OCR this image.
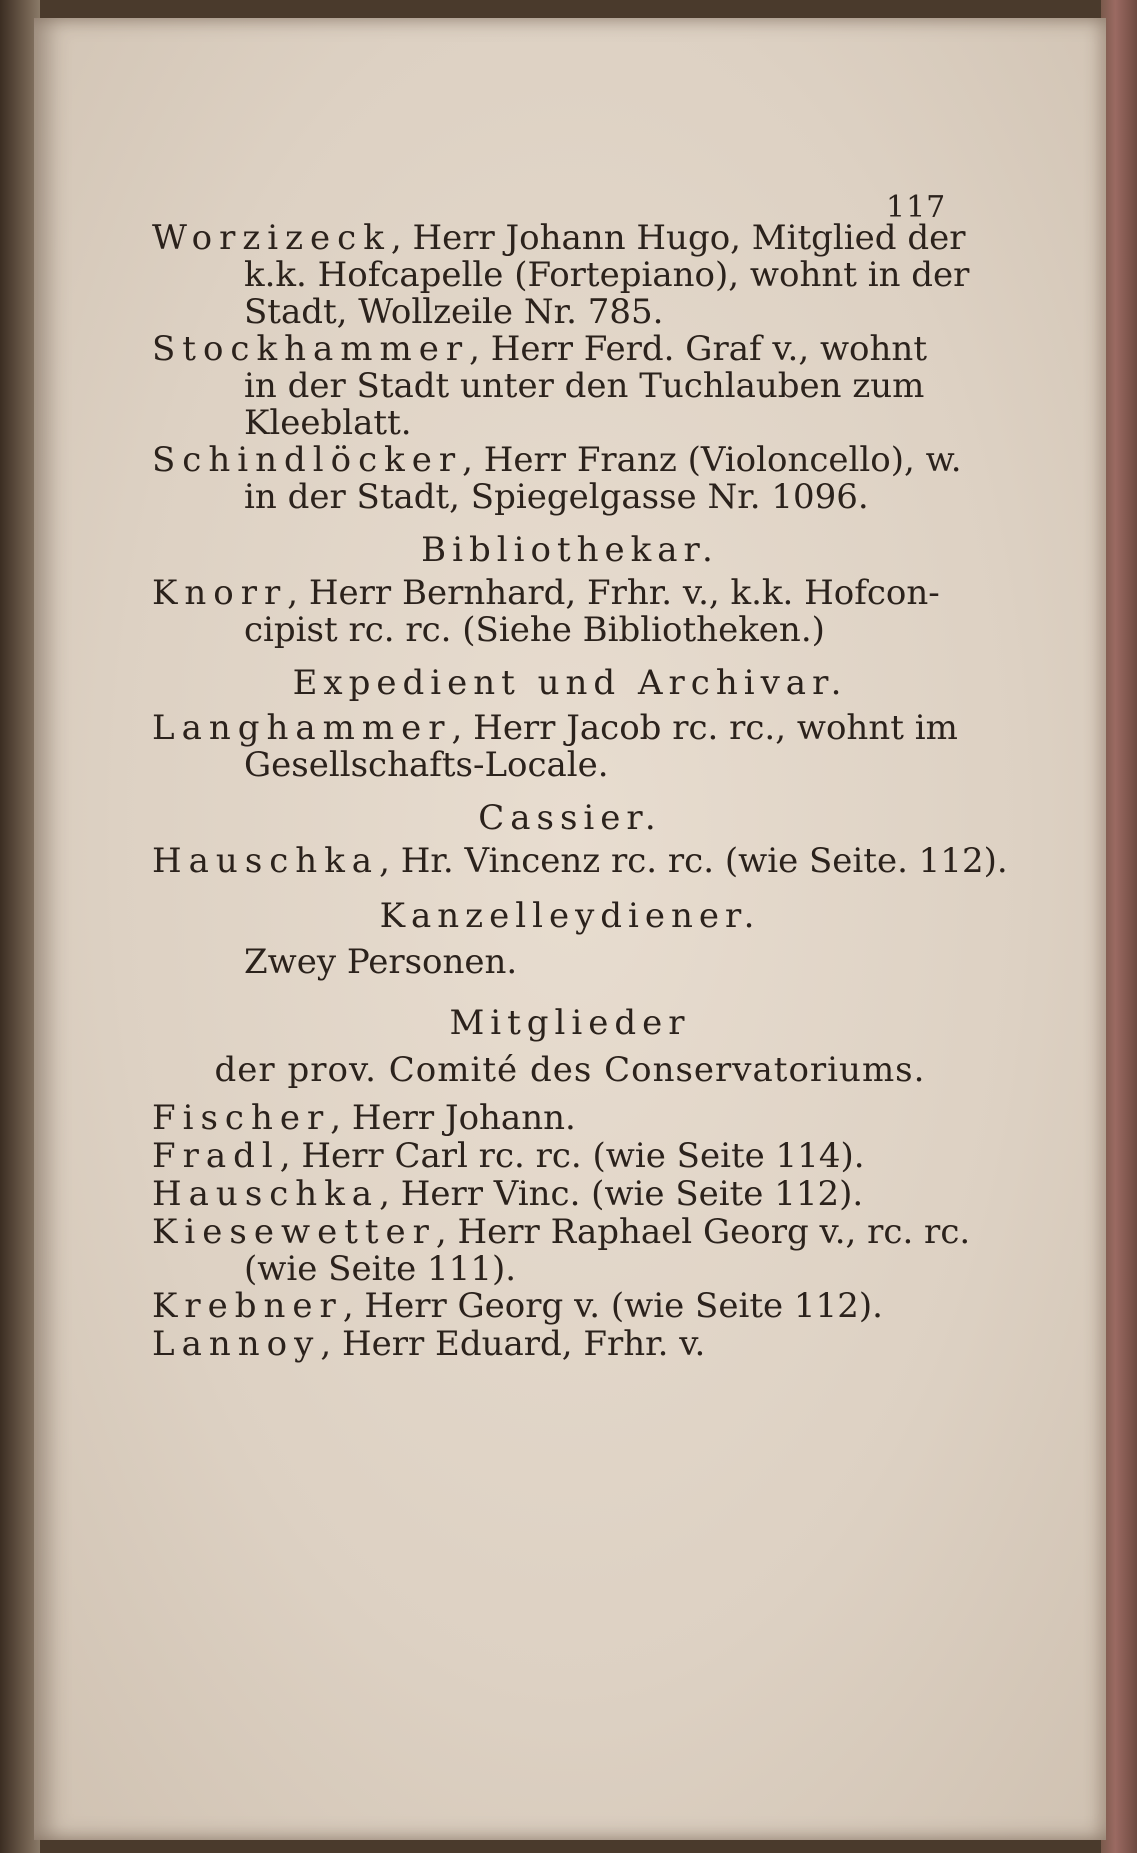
117
Worzizeck, Herr Johann Hugo, Mitglied der
k.k. Hofcapelle (Fortepiano), wohnt in der
Stadt, Wollzeile Nr. 785.
Stockhammer, Herr Ferd. Graf v., wohnt
in der Stadt unter den Tuchlauben zum
Kleeblatt.
Schindlöcker, Herr Franz (Violoncello), w.
in der Stadt, Spiegelgasse Nr. 1096.
Bibliothekar.
Knorr, Herr Bernhard, Frhr. v., k.k. Hofcon-
cipist rc. rc. (Siehe Bibliotheken.)
Expedient und Archivar.
Langhammer, Herr Jacob rc. rc., wohnt im
Gesellschafts-Locale.
Cassier.
Hauschka, Hr. Vincenz rc. rc. (wie Seite. 112).
Kanzelleydiener.
Zwey Personen.
Mitglieder
der prov. Comité des Conservatoriums.
Fischer, Herr Johann.
Fradl, Herr Carl rc. rc. (wie Seite 114).
Hauschka, Herr Vinc. (wie Seite 112).
Kiesewetter, Herr Raphael Georg v., rc. rc.
(wie Seite 111).
Krebner, Herr Georg v. (wie Seite 112).
Lannoy, Herr Eduard, Frhr. v.
